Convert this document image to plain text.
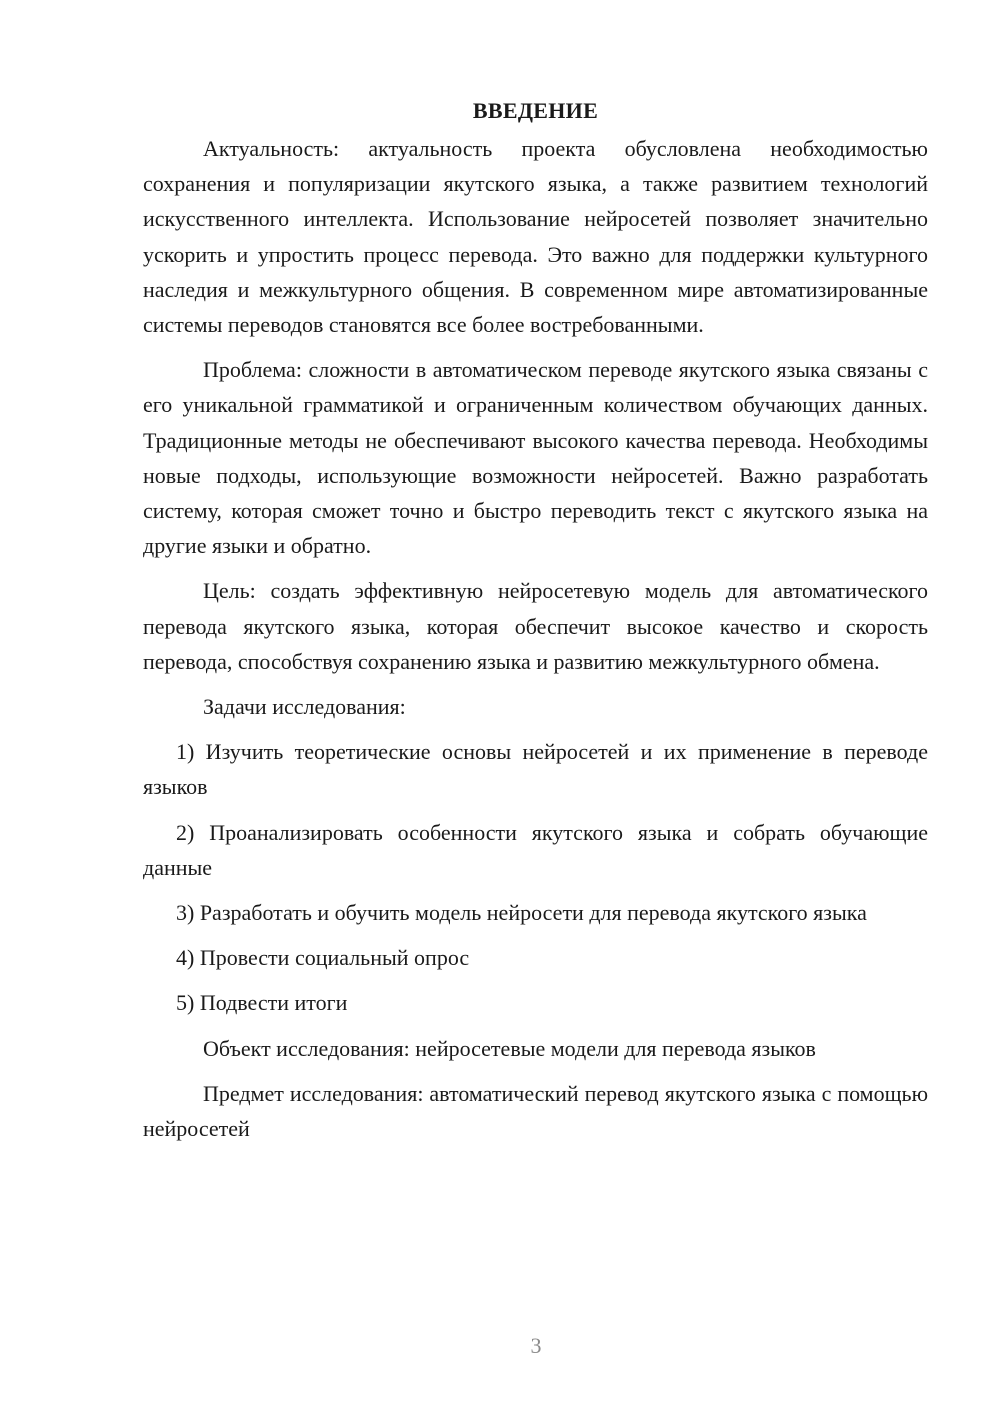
ВВЕДЕНИЕ

Актуальность: актуальность проекта обусловлена необходимостью сохранения и популяризации якутского языка, а также развитием технологий искусственного интеллекта. Использование нейросетей позволяет значительно ускорить и упростить процесс перевода. Это важно для поддержки культурного наследия и межкультурного общения. В современном мире автоматизированные системы переводов становятся все более востребованными.

Проблема: сложности в автоматическом переводе якутского языка связаны с его уникальной грамматикой и ограниченным количеством обучающих данных. Традиционные методы не обеспечивают высокого качества перевода. Необходимы новые подходы, использующие возможности нейросетей. Важно разработать систему, которая сможет точно и быстро переводить текст с якутского языка на другие языки и обратно.

Цель: создать эффективную нейросетевую модель для автоматического перевода якутского языка, которая обеспечит высокое качество и скорость перевода, способствуя сохранению языка и развитию межкультурного обмена.

Задачи исследования:

1) Изучить теоретические основы нейросетей и их применение в переводе языков

2) Проанализировать особенности якутского языка и собрать обучающие данные

3) Разработать и обучить модель нейросети для перевода якутского языка

4) Провести социальный опрос

5) Подвести итоги

Объект исследования: нейросетевые модели для перевода языков

Предмет исследования: автоматический перевод якутского языка с помощью нейросетей

3
